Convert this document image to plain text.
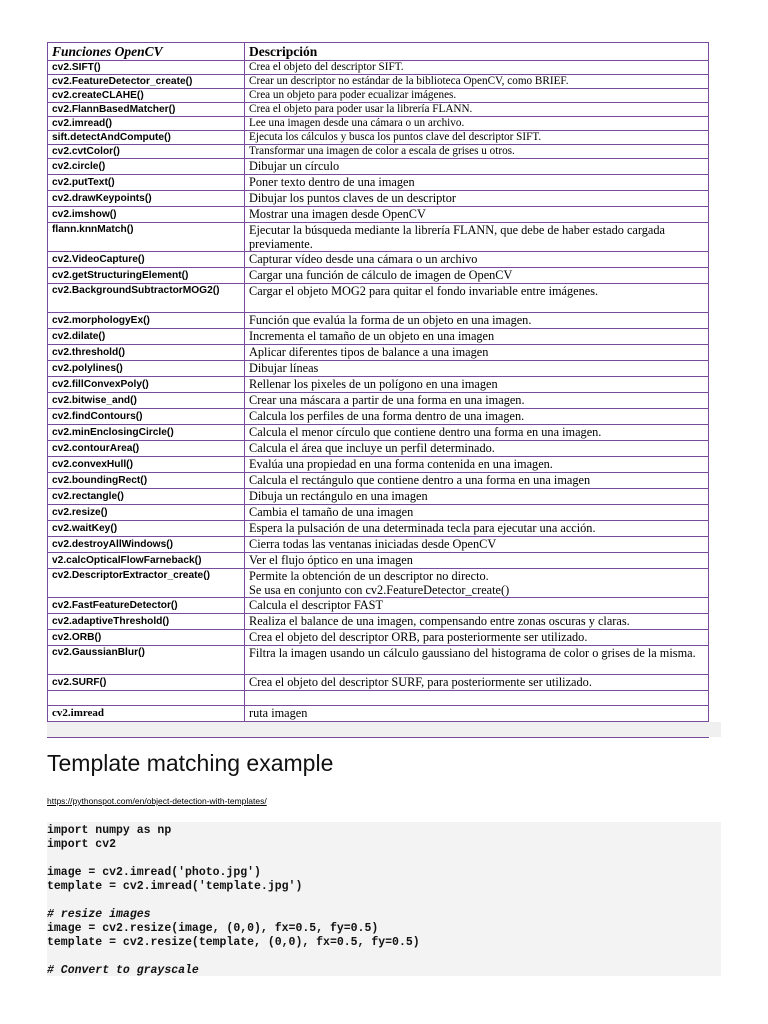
Funciones OpenCV	Descripción
cv2.SIFT()	Crea el objeto del descriptor SIFT.
cv2.FeatureDetector_create()	Crear un descriptor no estándar de la biblioteca OpenCV, como BRIEF.
cv2.createCLAHE()	Crea un objeto para poder ecualizar imágenes.
cv2.FlannBasedMatcher()	Crea el objeto para poder usar la librería FLANN.
cv2.imread()	Lee una imagen desde una cámara o un archivo.
sift.detectAndCompute()	Ejecuta los cálculos y busca los puntos clave del descriptor SIFT.
cv2.cvtColor()	Transformar una imagen de color a escala de grises u otros.
cv2.circle()	Dibujar un círculo
cv2.putText()	Poner texto dentro de una imagen
cv2.drawKeypoints()	Dibujar los puntos claves de un descriptor
cv2.imshow()	Mostrar una imagen desde OpenCV
flann.knnMatch()	Ejecutar la búsqueda mediante la librería FLANN, que debe de haber estado cargada previamente.
cv2.VideoCapture()	Capturar vídeo desde una cámara o un archivo
cv2.getStructuringElement()	Cargar una función de cálculo de imagen de OpenCV
cv2.BackgroundSubtractorMOG2()	Cargar el objeto MOG2 para quitar el fondo invariable entre imágenes.
cv2.morphologyEx()	Función que evalúa la forma de un objeto en una imagen.
cv2.dilate()	Incrementa el tamaño de un objeto en una imagen
cv2.threshold()	Aplicar diferentes tipos de balance a una imagen
cv2.polylines()	Dibujar líneas
cv2.fillConvexPoly()	Rellenar los pixeles de un polígono en una imagen
cv2.bitwise_and()	Crear una máscara a partir de una forma en una imagen.
cv2.findContours()	Calcula los perfiles de una forma dentro de una imagen.
cv2.minEnclosingCircle()	Calcula el menor círculo que contiene dentro una forma en una imagen.
cv2.contourArea()	Calcula el área que incluye un perfil determinado.
cv2.convexHull()	Evalúa una propiedad en una forma contenida en una imagen.
cv2.boundingRect()	Calcula el rectángulo que contiene dentro a una forma en una imagen
cv2.rectangle()	Dibuja un rectángulo en una imagen
cv2.resize()	Cambia el tamaño de una imagen
cv2.waitKey()	Espera la pulsación de una determinada tecla para ejecutar una acción.
cv2.destroyAllWindows()	Cierra todas las ventanas iniciadas desde OpenCV
v2.calcOpticalFlowFarneback()	Ver el flujo óptico en una imagen
cv2.DescriptorExtractor_create()	Permite la obtención de un descriptor no directo.
Se usa en conjunto con cv2.FeatureDetector_create()

cv2.FastFeatureDetector()	Calcula el descriptor FAST
cv2.adaptiveThreshold()	Realiza el balance de una imagen, compensando entre zonas oscuras y claras.
cv2.ORB()	Crea el objeto del descriptor ORB, para posteriormente ser utilizado.
cv2.GaussianBlur()	Filtra la imagen usando un cálculo gaussiano del histograma de color o grises de la misma.
cv2.SURF()	Crea el objeto del descriptor SURF, para posteriormente ser utilizado.

cv2.imread	ruta imagen

Template matching example
https://pythonspot.com/en/object-detection-with-templates/
import numpy as np
import cv2

image = cv2.imread('photo.jpg')
template = cv2.imread('template.jpg')

# resize images
image = cv2.resize(image, (0,0), fx=0.5, fy=0.5)
template = cv2.resize(template, (0,0), fx=0.5, fy=0.5)

# Convert to grayscale
